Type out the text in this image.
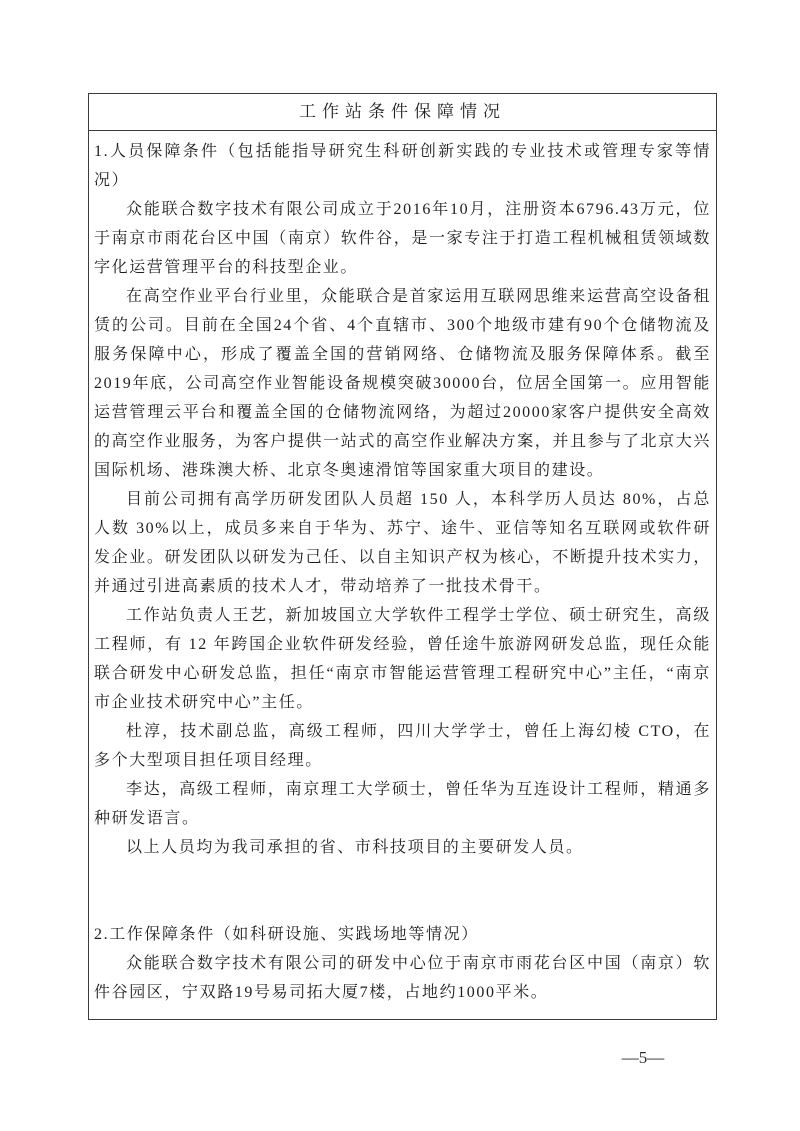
工作站条件保障情况
1.人员保障条件（包括能指导研究生科研创新实践的专业技术或管理专家等情况）
众能联合数字技术有限公司成立于2016年10月，注册资本6796.43万元，位于南京市雨花台区中国（南京）软件谷，是一家专注于打造工程机械租赁领域数字化运营管理平台的科技型企业。
在高空作业平台行业里，众能联合是首家运用互联网思维来运营高空设备租赁的公司。目前在全国24个省、4个直辖市、300个地级市建有90个仓储物流及服务保障中心，形成了覆盖全国的营销网络、仓储物流及服务保障体系。截至2019年底，公司高空作业智能设备规模突破30000台，位居全国第一。应用智能运营管理云平台和覆盖全国的仓储物流网络，为超过20000家客户提供安全高效的高空作业服务，为客户提供一站式的高空作业解决方案，并且参与了北京大兴国际机场、港珠澳大桥、北京冬奥速滑馆等国家重大项目的建设。
目前公司拥有高学历研发团队人员超 150 人，本科学历人员达 80%，占总人数 30%以上，成员多来自于华为、苏宁、途牛、亚信等知名互联网或软件研发企业。研发团队以研发为己任、以自主知识产权为核心，不断提升技术实力，并通过引进高素质的技术人才，带动培养了一批技术骨干。
工作站负责人王艺，新加坡国立大学软件工程学士学位、硕士研究生，高级工程师，有 12 年跨国企业软件研发经验，曾任途牛旅游网研发总监，现任众能联合研发中心研发总监，担任“南京市智能运营管理工程研究中心”主任，“南京市企业技术研究中心”主任。
杜淳，技术副总监，高级工程师，四川大学学士，曾任上海幻棱 CTO，在多个大型项目担任项目经理。
李达，高级工程师，南京理工大学硕士，曾任华为互连设计工程师，精通多种研发语言。
以上人员均为我司承担的省、市科技项目的主要研发人员。
2.工作保障条件（如科研设施、实践场地等情况）
众能联合数字技术有限公司的研发中心位于南京市雨花台区中国（南京）软件谷园区，宁双路19号易司拓大厦7楼，占地约1000平米。
—5—
